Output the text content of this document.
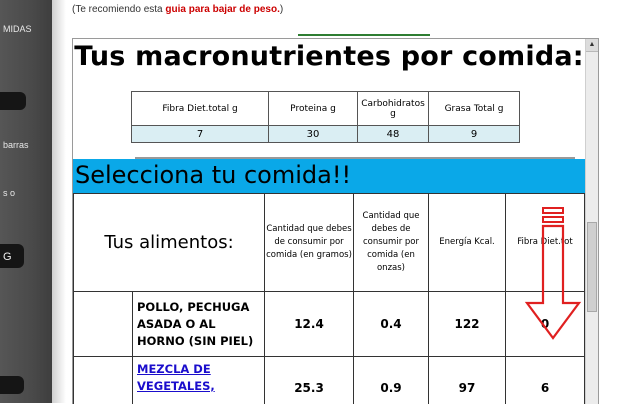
MIDAS
barras
s o
G
(Te recomiendo esta guia para bajar de peso.)
Tus macronutrientes por comida:
Fibra Diet.total g	Proteina g	Carbohidratos g	Grasa Total g
7	30	48	9
Selecciona tu comida!!
Tus alimentos:		Cantidad que debes de consumir por comida (en gramos)	Cantidad que debes de consumir por comida (en onzas)	Energía Kcal.	Fibra Diet.tot
	POLLO, PECHUGA ASADA O AL HORNO (SIN PIEL)	12.4	0.4	122	0
	MEZCLA DE VEGETALES,	25.3	0.9	97	6
▲
